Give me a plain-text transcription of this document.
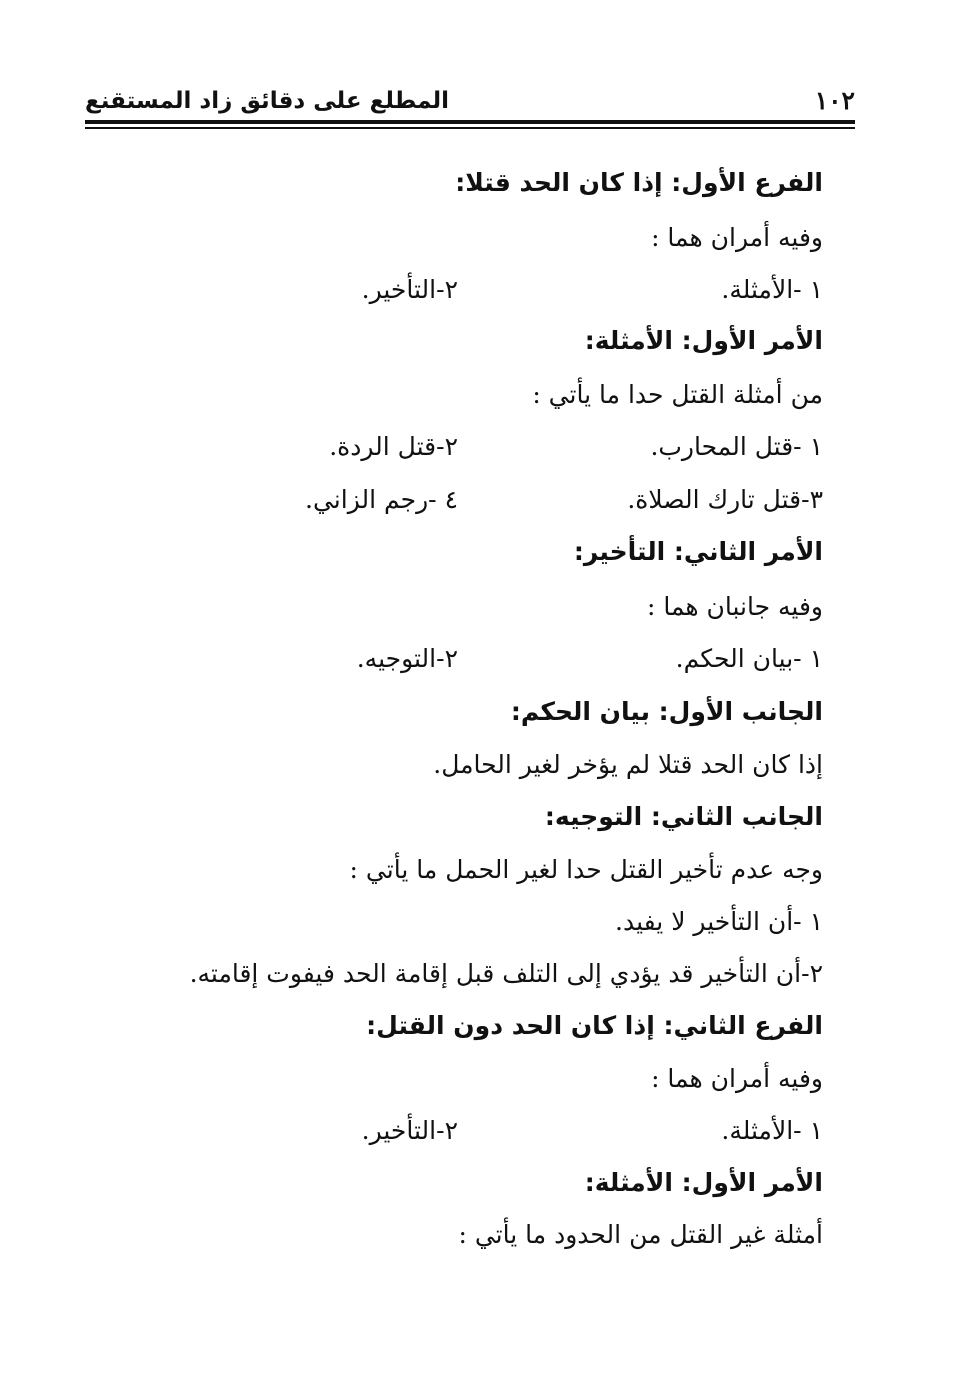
١٠٢
المطلع على دقائق زاد المستقنع
الفرع الأول: إذا كان الحد قتلا:
وفيه أمران هما :
١ -الأمثلة.
٢-التأخير.
الأمر الأول: الأمثلة:
من أمثلة القتل حدا ما يأتي :
١ -قتل المحارب.
٢-قتل الردة.
٣-قتل تارك الصلاة.
٤ -رجم الزاني.
الأمر الثاني: التأخير:
وفيه جانبان هما :
١ -بيان الحكم.
٢-التوجيه.
الجانب الأول: بيان الحكم:
إذا كان الحد قتلا لم يؤخر لغير الحامل.
الجانب الثاني: التوجيه:
وجه عدم تأخير القتل حدا لغير الحمل ما يأتي :
١ -أن التأخير لا يفيد.
٢-أن التأخير قد يؤدي إلى التلف قبل إقامة الحد فيفوت إقامته.
الفرع الثاني: إذا كان الحد دون القتل:
وفيه أمران هما :
١ -الأمثلة.
٢-التأخير.
الأمر الأول: الأمثلة:
أمثلة غير القتل من الحدود ما يأتي :
